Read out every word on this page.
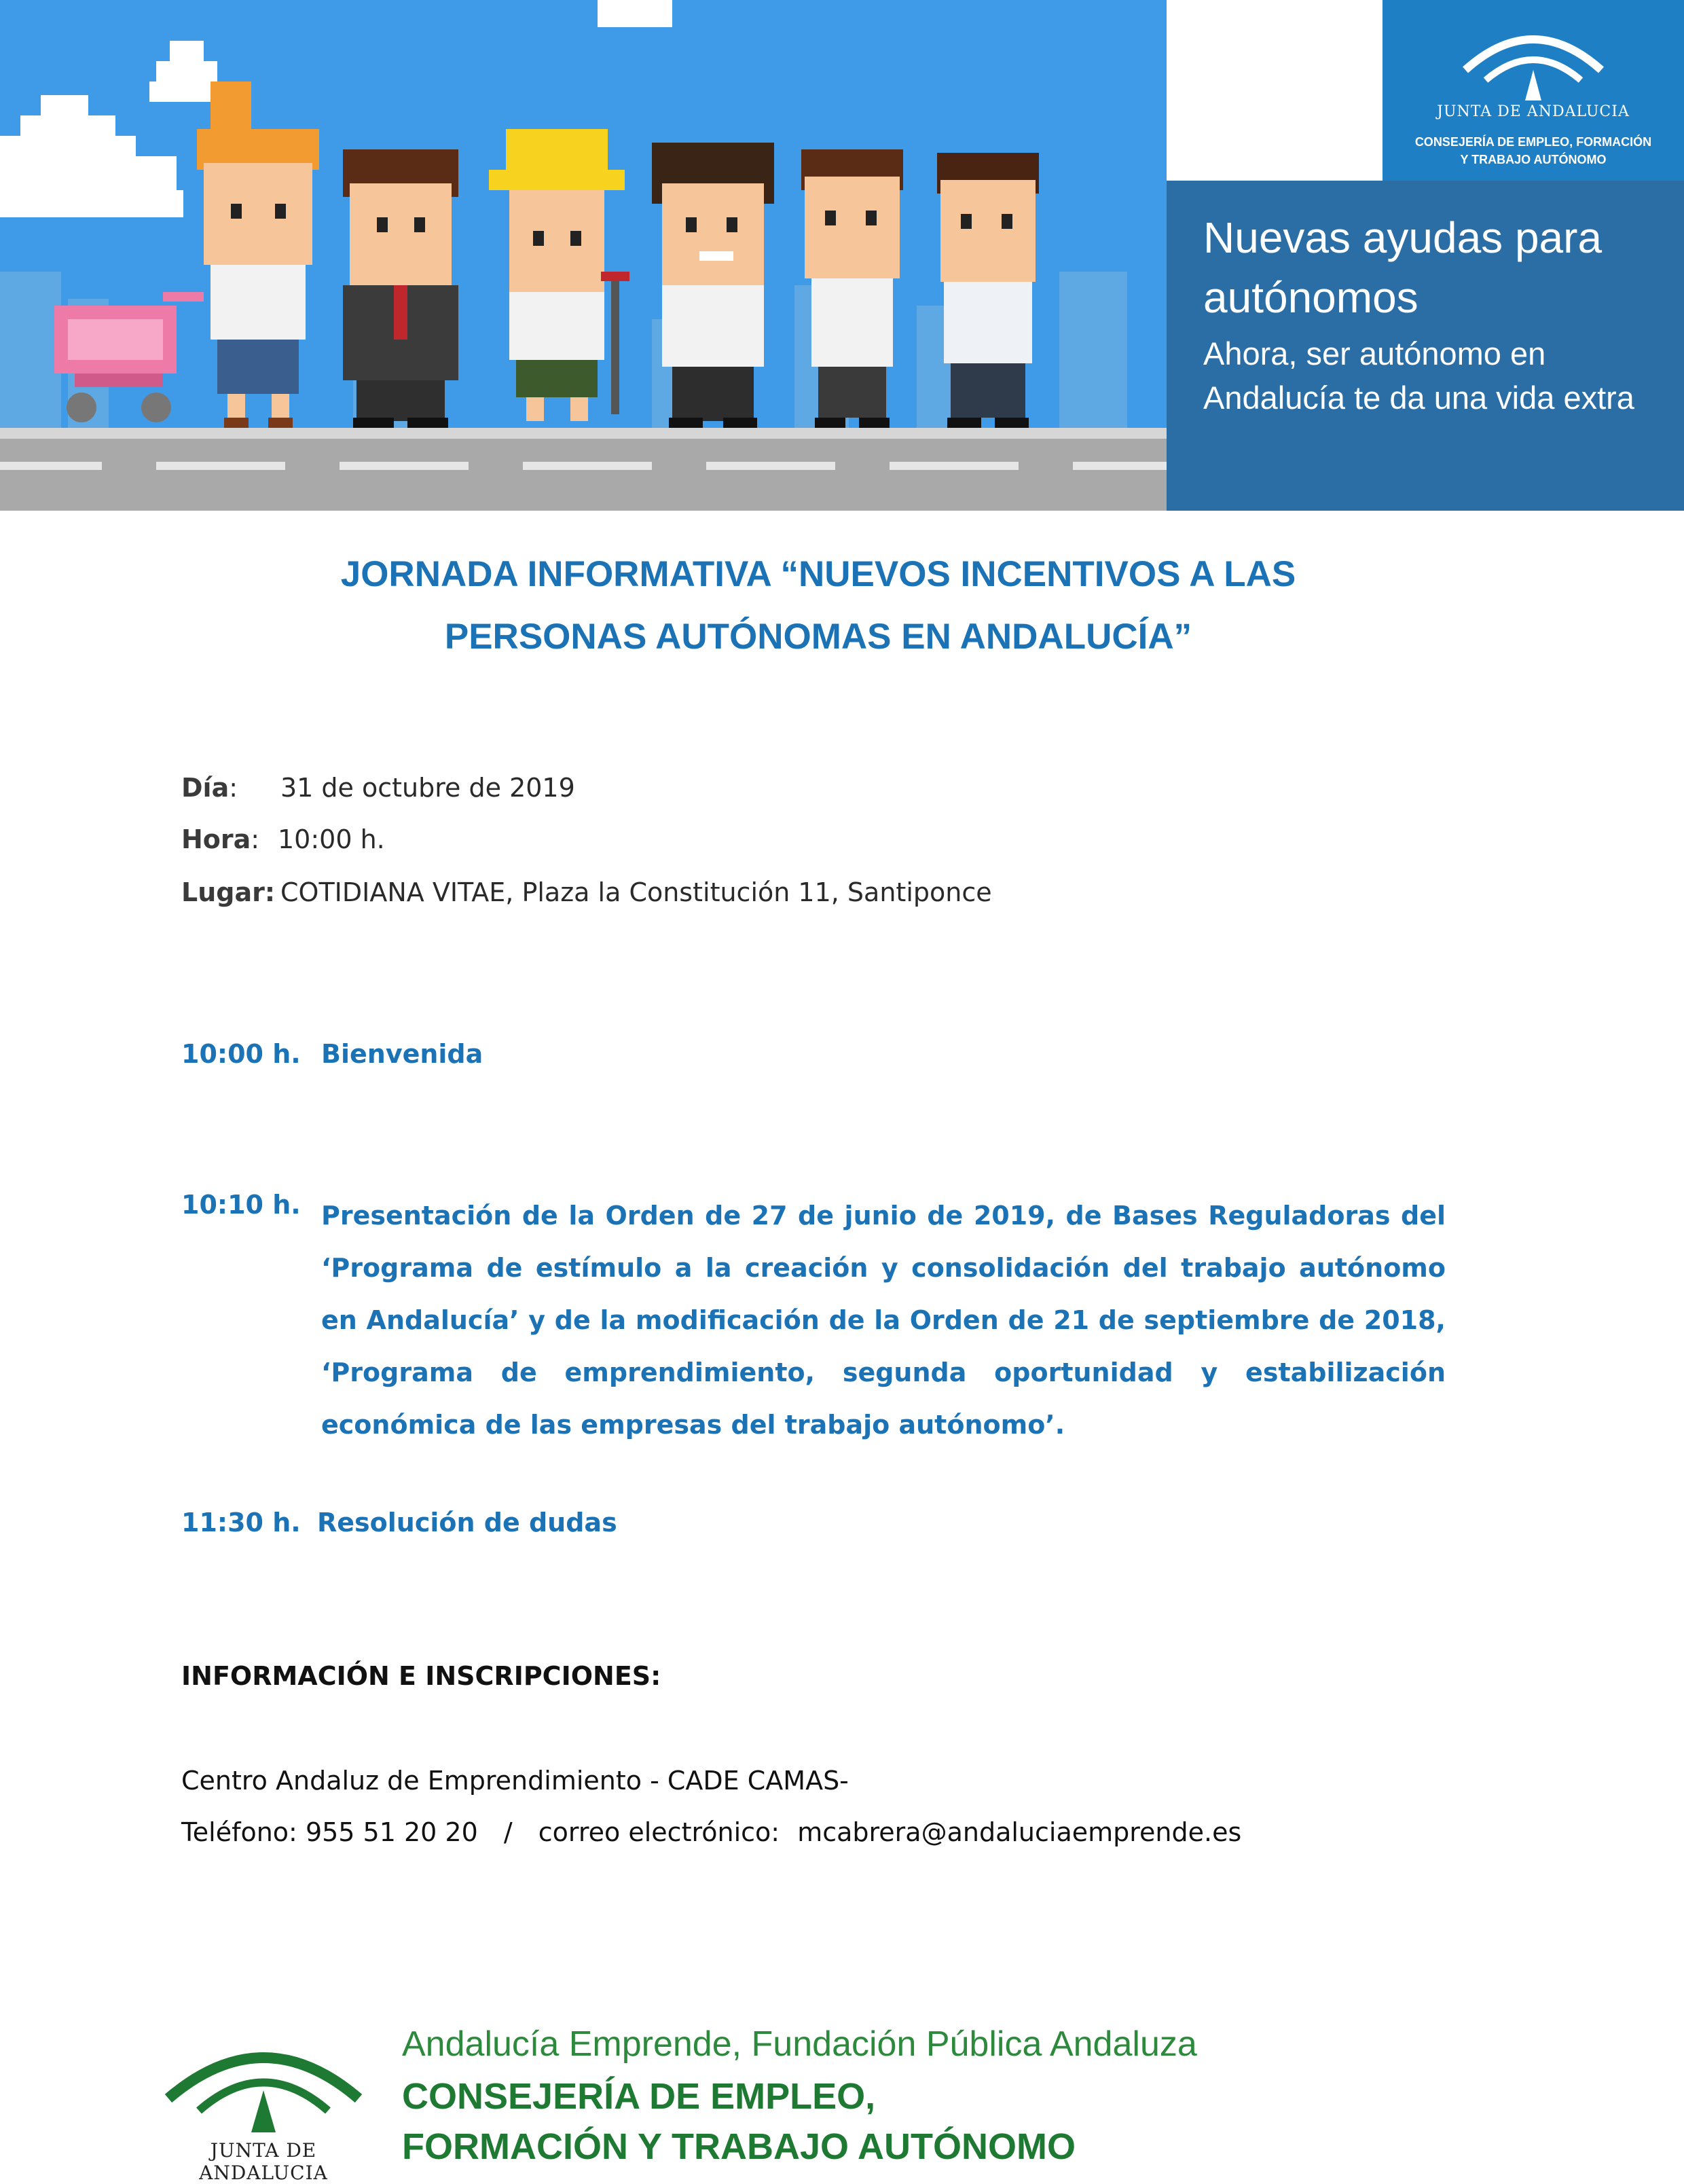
JUNTA DE ANDALUCIA
CONSEJERÍA DE EMPLEO, FORMACIÓN
Y TRABAJO AUTÓNOMO
Nuevas ayudas para autónomos
Ahora, ser autónomo en Andalucía te da una vida extra
JORNADA INFORMATIVA “NUEVOS INCENTIVOS A LAS
PERSONAS AUTÓNOMAS EN ANDALUCÍA”
Día: 31 de octubre de 2019
Hora: 10:00 h.
Lugar: COTIDIANA VITAE, Plaza la Constitución 11, Santiponce
10:00 h. Bienvenida
10:10 h. Presentación de la Orden de 27 de junio de 2019, de Bases Reguladoras del ‘Programa de estímulo a la creación y consolidación del trabajo autónomo en Andalucía’ y de la modificación de la Orden de 21 de septiembre de 2018, ‘Programa de emprendimiento, segunda oportunidad y estabilización económica de las empresas del trabajo autónomo’.

11:30 h. Resolución de dudas
INFORMACIÓN E INSCRIPCIONES:
Centro Andaluz de Emprendimiento - CADE CAMAS-
Teléfono: 955 51 20 20 / correo electrónico: mcabrera@andaluciaemprende.es
JUNTA DE ANDALUCIA
Andalucía Emprende, Fundación Pública Andaluza
CONSEJERÍA DE EMPLEO,
FORMACIÓN Y TRABAJO AUTÓNOMO
